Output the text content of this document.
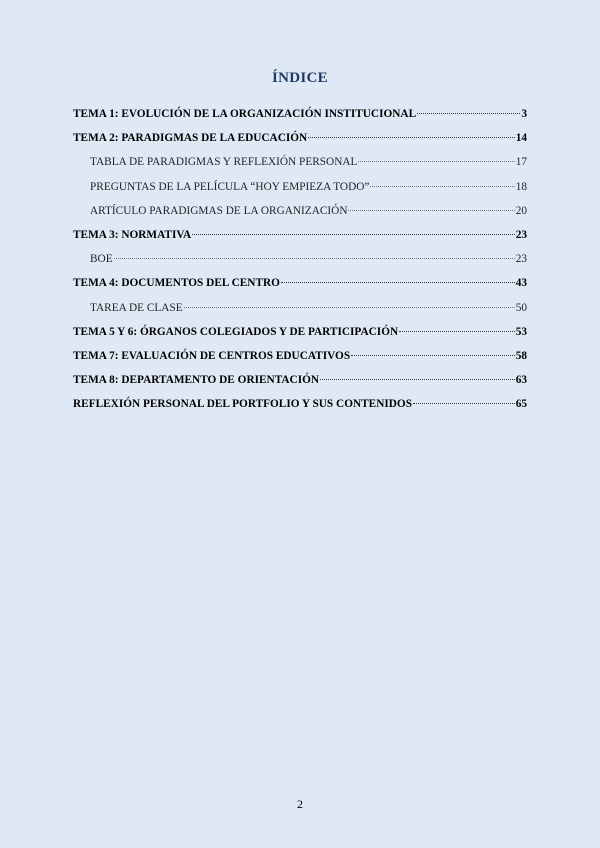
ÍNDICE
TEMA 1: EVOLUCIÓN DE LA ORGANIZACIÓN INSTITUCIONAL	3
TEMA 2: PARADIGMAS DE LA EDUCACIÓN	14
TABLA DE PARADIGMAS Y REFLEXIÓN PERSONAL	17
PREGUNTAS DE LA PELÍCULA “HOY EMPIEZA TODO”	18
ARTÍCULO PARADIGMAS DE LA ORGANIZACIÓN	20
TEMA 3: NORMATIVA	23
BOE	23
TEMA 4: DOCUMENTOS DEL CENTRO	43
TAREA DE CLASE	50
TEMA 5 Y 6: ÓRGANOS COLEGIADOS Y DE PARTICIPACIÓN	53
TEMA 7: EVALUACIÓN DE CENTROS EDUCATIVOS	58
TEMA 8: DEPARTAMENTO DE ORIENTACIÓN	63
REFLEXIÓN PERSONAL DEL PORTFOLIO Y SUS CONTENIDOS	65
2
